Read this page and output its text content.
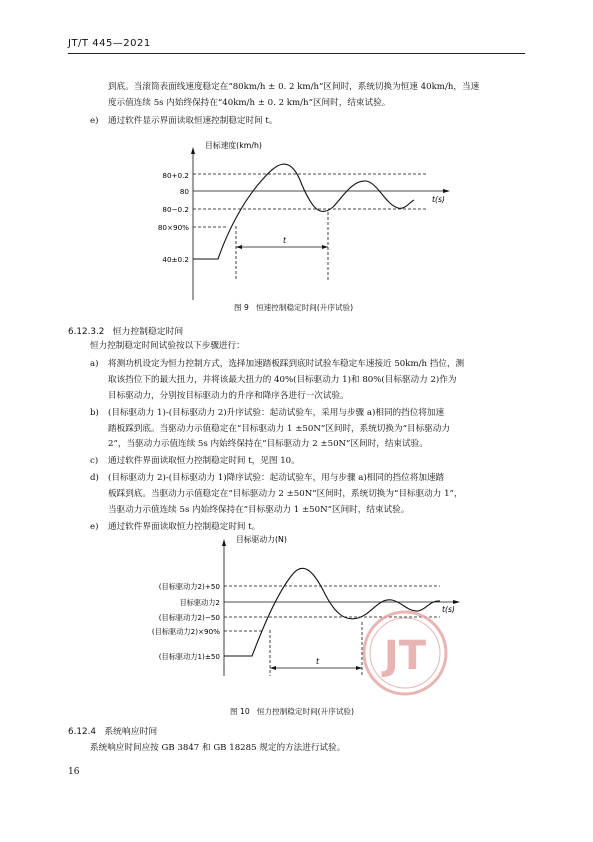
JT/T 445—2021
到底。当滚筒表面线速度稳定在“80km/h ± 0. 2 km/h”区间时，系统切换为恒速 40km/h，当速
度示值连续 5s 内始终保持在“40km/h ± 0. 2 km/h”区间时，结束试验。
e) 通过软件显示界面读取恒速控制稳定时间 t。
目标速度(km/h)
80+0.2
80
80−0.2
80×90%
40±0.2
t(s)
t
JT
目标驱动力(N)
(目标驱动力2)+50
目标驱动力2
(目标驱动力2)−50
(目标驱动力2)×90%
(目标驱动力1)±50
t(s)
t
图 9 恒速控制稳定时间(升序试验)
6.12.3.2 恒力控制稳定时间
恒力控制稳定时间试验按以下步骤进行：
a) 将测功机设定为恒力控制方式，选择加速踏板踩到底时试验车稳定车速接近 50km/h 挡位，测
取该挡位下的最大扭力，并将该最大扭力的 40%(目标驱动力 1)和 80%(目标驱动力 2)作为
目标驱动力，分别按目标驱动力的升序和降序各进行一次试验。
b) (目标驱动力 1)-(目标驱动力 2)升序试验：起动试验车，采用与步骤 a)相同的挡位将加速
踏板踩到底。当驱动力示值稳定在“目标驱动力 1 ±50N”区间时，系统切换为“目标驱动力
2”，当驱动力示值连续 5s 内始终保持在“目标驱动力 2 ±50N”区间时，结束试验。
c) 通过软件界面读取恒力控制稳定时间 t，见图 10。
d) (目标驱动力 2)-(目标驱动力 1)降序试验：起动试验车，用与步骤 a)相同的挡位将加速踏
板踩到底。当驱动力示值稳定在“目标驱动力 2 ±50N”区间时，系统切换为“目标驱动力 1”，
当驱动力示值连续 5s 内始终保持在“目标驱动力 1 ±50N”区间时，结束试验。
e) 通过软件界面读取恒力控制稳定时间 t。
图 10 恒力控制稳定时间(升序试验)
6.12.4 系统响应时间
系统响应时间应按 GB 3847 和 GB 18285 规定的方法进行试验。
16
